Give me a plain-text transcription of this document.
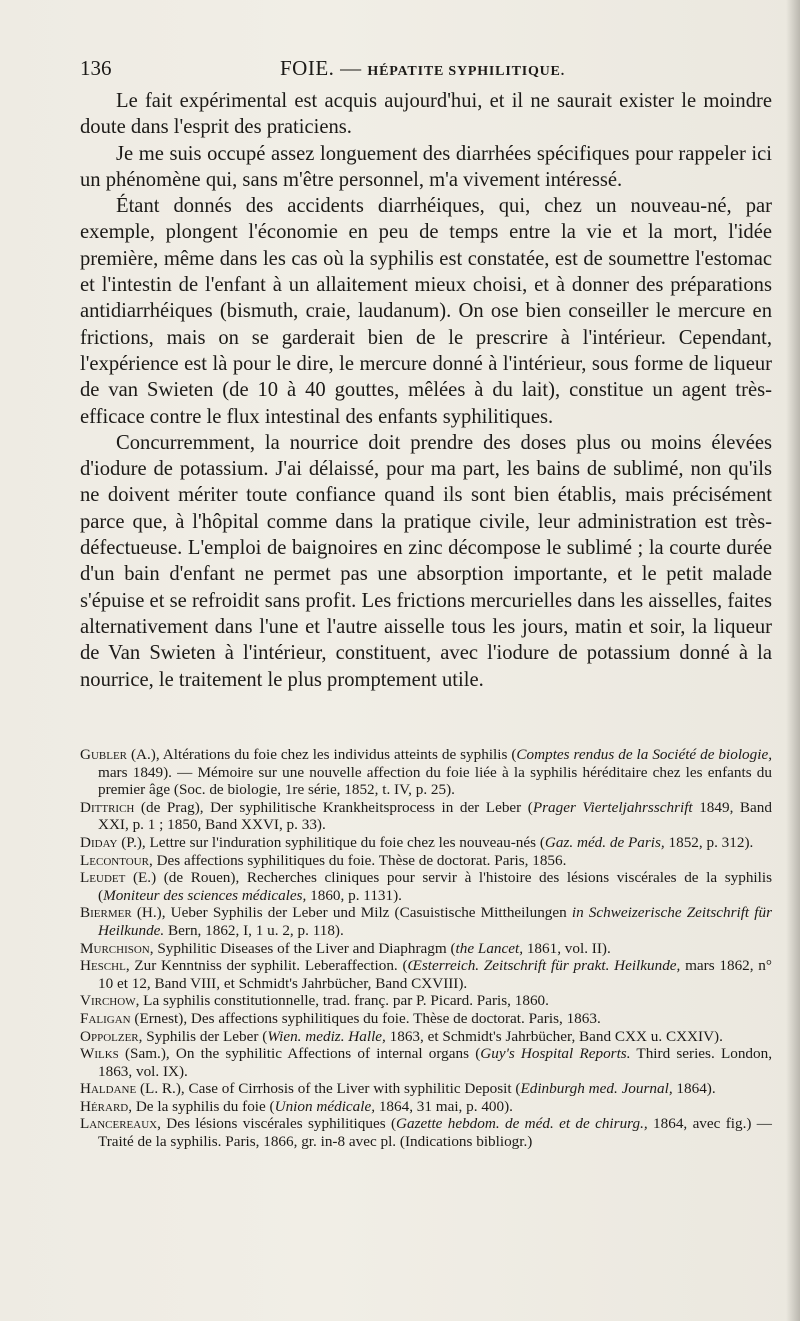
136	FOIE. — HÉPATITE SYPHILITIQUE.

Le fait expérimental est acquis aujourd'hui, et il ne saurait exister le moindre doute dans l'esprit des praticiens.

Je me suis occupé assez longuement des diarrhées spécifiques pour rappeler ici un phénomène qui, sans m'être personnel, m'a vivement intéressé.

Étant donnés des accidents diarrhéiques, qui, chez un nouveau-né, par exemple, plongent l'économie en peu de temps entre la vie et la mort, l'idée première, même dans les cas où la syphilis est constatée, est de soumettre l'estomac et l'intestin de l'enfant à un allaitement mieux choisi, et à donner des préparations antidiarrhéiques (bismuth, craie, laudanum). On ose bien conseiller le mercure en frictions, mais on se garderait bien de le prescrire à l'intérieur. Cependant, l'expérience est là pour le dire, le mercure donné à l'intérieur, sous forme de liqueur de van Swieten (de 10 à 40 gouttes, mêlées à du lait), constitue un agent très-efficace contre le flux intestinal des enfants syphilitiques.

Concurremment, la nourrice doit prendre des doses plus ou moins élevées d'iodure de potassium. J'ai délaissé, pour ma part, les bains de sublimé, non qu'ils ne doivent mériter toute confiance quand ils sont bien établis, mais précisément parce que, à l'hôpital comme dans la pratique civile, leur administration est très-défectueuse. L'emploi de baignoires en zinc décompose le sublimé ; la courte durée d'un bain d'enfant ne permet pas une absorption importante, et le petit malade s'épuise et se refroidit sans profit. Les frictions mercurielles dans les aisselles, faites alternativement dans l'une et l'autre aisselle tous les jours, matin et soir, la liqueur de Van Swieten à l'intérieur, constituent, avec l'iodure de potassium donné à la nourrice, le traitement le plus promptement utile.

Gubler (A.), Altérations du foie chez les individus atteints de syphilis (Comptes rendus de la Société de biologie, mars 1849). — Mémoire sur une nouvelle affection du foie liée à la syphilis héréditaire chez les enfants du premier âge (Soc. de biologie, 1re série, 1852, t. IV, p. 25).

Dittrich (de Prag), Der syphilitische Krankheitsprocess in der Leber (Prager Vierteljahrsschrift 1849, Band XXI, p. 1 ; 1850, Band XXVI, p. 33).

Diday (P.), Lettre sur l'induration syphilitique du foie chez les nouveau-nés (Gaz. méd. de Paris, 1852, p. 312).

Lecontour, Des affections syphilitiques du foie. Thèse de doctorat. Paris, 1856.

Leudet (E.) (de Rouen), Recherches cliniques pour servir à l'histoire des lésions viscérales de la syphilis (Moniteur des sciences médicales, 1860, p. 1131).

Biermer (H.), Ueber Syphilis der Leber und Milz (Casuistische Mittheilungen in Schweizerische Zeitschrift für Heilkunde. Bern, 1862, I, 1 u. 2, p. 118).

Murchison, Syphilitic Diseases of the Liver and Diaphragm (the Lancet, 1861, vol. II).

Heschl, Zur Kenntniss der syphilit. Leberaffection. (Œsterreich. Zeitschrift für prakt. Heilkunde, mars 1862, n° 10 et 12, Band VIII, et Schmidt's Jahrbücher, Band CXVIII).

Virchow, La syphilis constitutionnelle, trad. franç. par P. Picard. Paris, 1860.

Faligan (Ernest), Des affections syphilitiques du foie. Thèse de doctorat. Paris, 1863.

Oppolzer, Syphilis der Leber (Wien. mediz. Halle, 1863, et Schmidt's Jahrbücher, Band CXX u. CXXIV).

Wilks (Sam.), On the syphilitic Affections of internal organs (Guy's Hospital Reports. Third series. London, 1863, vol. IX).

Haldane (L. R.), Case of Cirrhosis of the Liver with syphilitic Deposit (Edinburgh med. Journal, 1864).

Hérard, De la syphilis du foie (Union médicale, 1864, 31 mai, p. 400).

Lancereaux, Des lésions viscérales syphilitiques (Gazette hebdom. de méd. et de chirurg., 1864, avec fig.) — Traité de la syphilis. Paris, 1866, gr. in-8 avec pl. (Indications bibliogr.)
